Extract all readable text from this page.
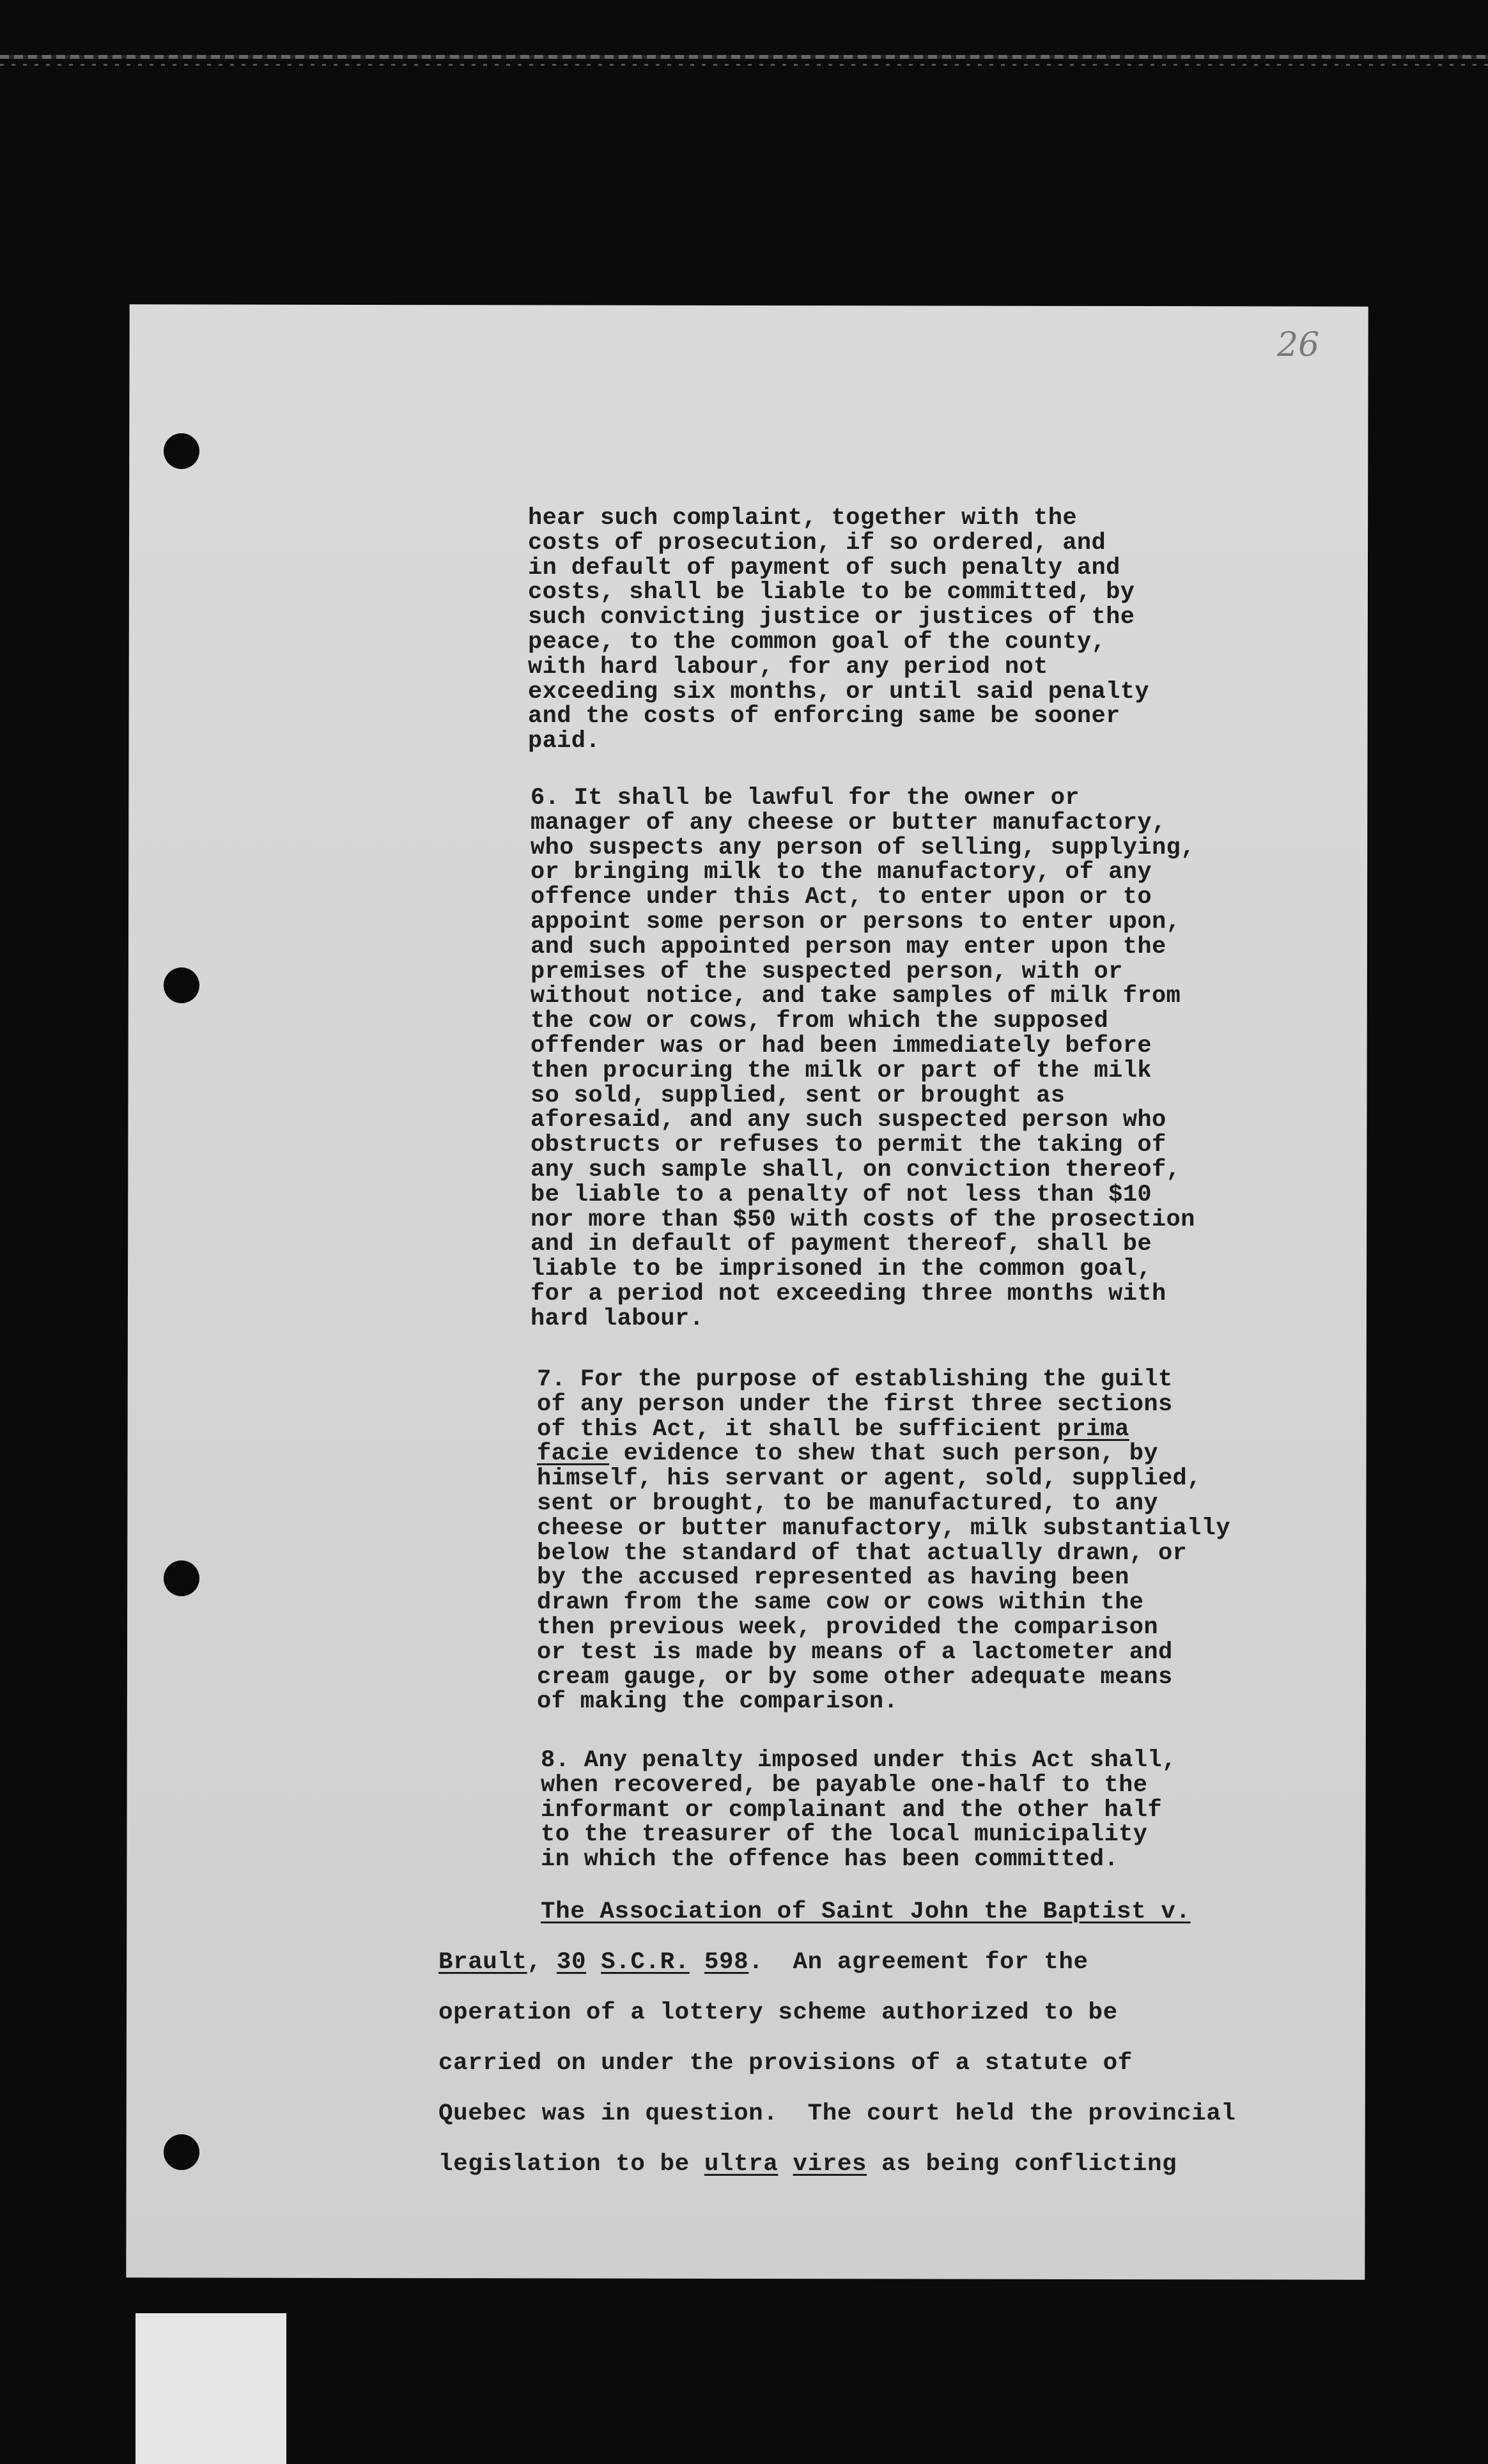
26
hear such complaint, together with the
costs of prosecution, if so ordered, and
in default of payment of such penalty and
costs, shall be liable to be committed, by
such convicting justice or justices of the
peace, to the common goal of the county,
with hard labour, for any period not
exceeding six months, or until said penalty
and the costs of enforcing same be sooner
paid.
6. It shall be lawful for the owner or
manager of any cheese or butter manufactory,
who suspects any person of selling, supplying,
or bringing milk to the manufactory, of any
offence under this Act, to enter upon or to
appoint some person or persons to enter upon,
and such appointed person may enter upon the
premises of the suspected person, with or
without notice, and take samples of milk from
the cow or cows, from which the supposed
offender was or had been immediately before
then procuring the milk or part of the milk
so sold, supplied, sent or brought as
aforesaid, and any such suspected person who
obstructs or refuses to permit the taking of
any such sample shall, on conviction thereof,
be liable to a penalty of not less than $10
nor more than $50 with costs of the prosection
and in default of payment thereof, shall be
liable to be imprisoned in the common goal,
for a period not exceeding three months with
hard labour.
7. For the purpose of establishing the guilt
of any person under the first three sections
of this Act, it shall be sufficient prima
facie evidence to shew that such person, by
himself, his servant or agent, sold, supplied,
sent or brought, to be manufactured, to any
cheese or butter manufactory, milk substantially
below the standard of that actually drawn, or
by the accused represented as having been
drawn from the same cow or cows within the
then previous week, provided the comparison
or test is made by means of a lactometer and
cream gauge, or by some other adequate means
of making the comparison.
8. Any penalty imposed under this Act shall,
when recovered, be payable one-half to the
informant or complainant and the other half
to the treasurer of the local municipality
in which the offence has been committed.
The Association of Saint John the Baptist v.
Brault, 30 S.C.R. 598.  An agreement for the
operation of a lottery scheme authorized to be
carried on under the provisions of a statute of
Quebec was in question.  The court held the provincial
legislation to be ultra vires as being conflicting
